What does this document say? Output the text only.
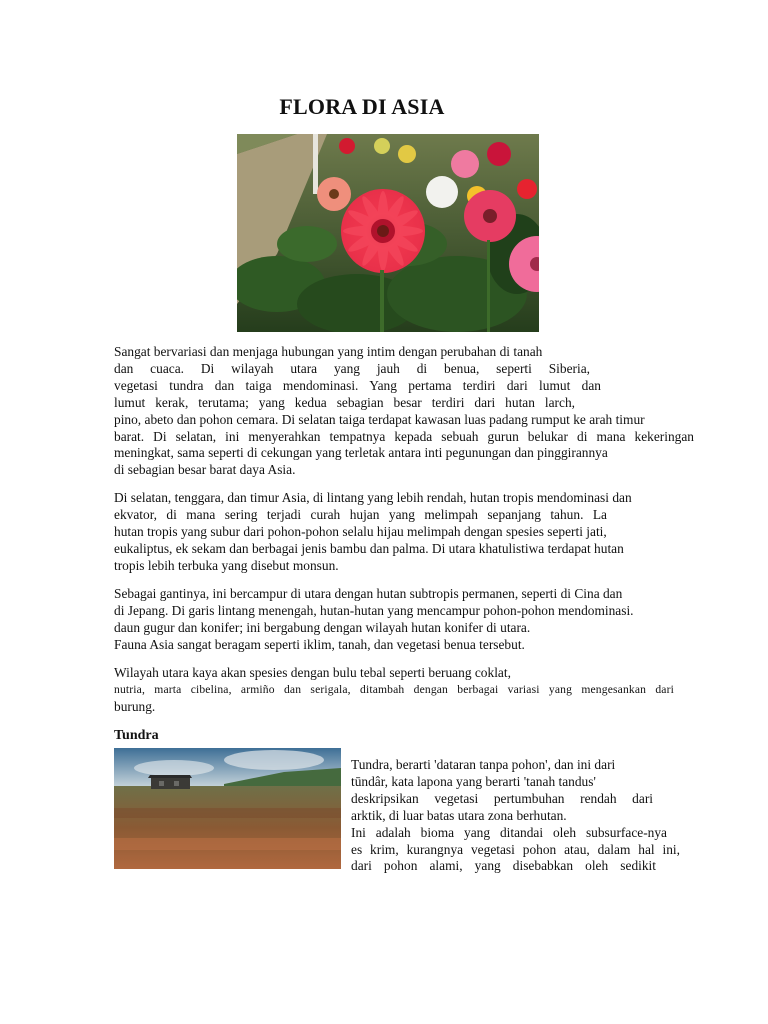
FLORA DI ASIA
Sangat bervariasi dan menjaga hubungan yang intim dengan perubahan di tanah
dan cuaca. Di wilayah utara yang jauh di benua, seperti Siberia,
vegetasi tundra dan taiga mendominasi. Yang pertama terdiri dari lumut dan
lumut kerak, terutama; yang kedua sebagian besar terdiri dari hutan larch,
pino, abeto dan pohon cemara. Di selatan taiga terdapat kawasan luas padang rumput ke arah timur
barat. Di selatan, ini menyerahkan tempatnya kepada sebuah gurun belukar di mana kekeringan
meningkat, sama seperti di cekungan yang terletak antara inti pegunungan dan pinggirannya
di sebagian besar barat daya Asia.
Di selatan, tenggara, dan timur Asia, di lintang yang lebih rendah, hutan tropis mendominasi dan
ekvator, di mana sering terjadi curah hujan yang melimpah sepanjang tahun. La
hutan tropis yang subur dari pohon-pohon selalu hijau melimpah dengan spesies seperti jati,
eukaliptus, ek sekam dan berbagai jenis bambu dan palma. Di utara khatulistiwa terdapat hutan
tropis lebih terbuka yang disebut monsun.
Sebagai gantinya, ini bercampur di utara dengan hutan subtropis permanen, seperti di Cina dan
di Jepang. Di garis lintang menengah, hutan-hutan yang mencampur pohon-pohon mendominasi.
daun gugur dan konifer; ini bergabung dengan wilayah hutan konifer di utara.
Fauna Asia sangat beragam seperti iklim, tanah, dan vegetasi benua tersebut.
Wilayah utara kaya akan spesies dengan bulu tebal seperti beruang coklat,
nutria, marta cibelina, armiño dan serigala, ditambah dengan berbagai variasi yang mengesankan dari
burung.
Tundra
Tundra, berarti 'dataran tanpa pohon', dan ini dari
tūndâr, kata lapona yang berarti 'tanah tandus'
deskripsikan vegetasi pertumbuhan rendah dari
arktik, di luar batas utara zona berhutan.
Ini adalah bioma yang ditandai oleh subsurface-nya
es krim, kurangnya vegetasi pohon atau, dalam hal ini,
dari pohon alami, yang disebabkan oleh sedikit
